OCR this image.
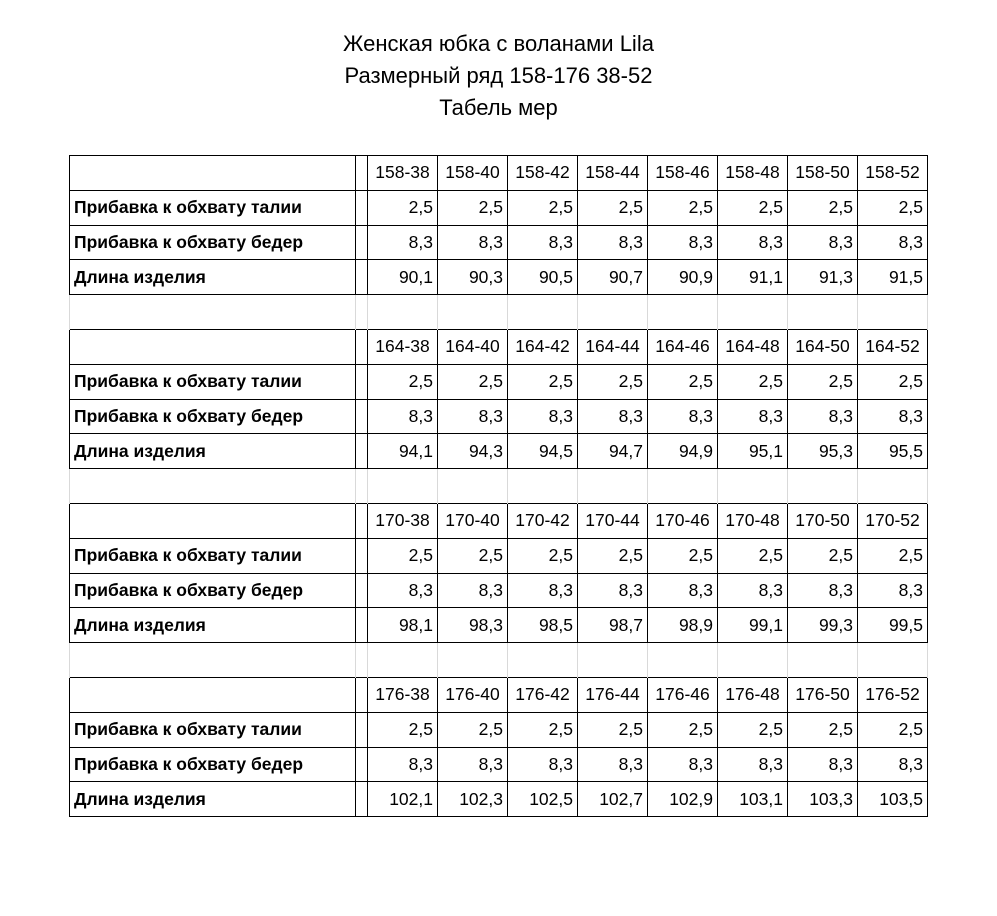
Женская юбка с воланами Lila
Размерный ряд 158-176 38-52
Табель мер
		158-38	158-40	158-42	158-44	158-46	158-48	158-50	158-52
Прибавка к обхвату талии		2,5	2,5	2,5	2,5	2,5	2,5	2,5	2,5
Прибавка к обхвату бедер		8,3	8,3	8,3	8,3	8,3	8,3	8,3	8,3
Длина изделия		90,1	90,3	90,5	90,7	90,9	91,1	91,3	91,5

		164-38	164-40	164-42	164-44	164-46	164-48	164-50	164-52
Прибавка к обхвату талии		2,5	2,5	2,5	2,5	2,5	2,5	2,5	2,5
Прибавка к обхвату бедер		8,3	8,3	8,3	8,3	8,3	8,3	8,3	8,3
Длина изделия		94,1	94,3	94,5	94,7	94,9	95,1	95,3	95,5

		170-38	170-40	170-42	170-44	170-46	170-48	170-50	170-52
Прибавка к обхвату талии		2,5	2,5	2,5	2,5	2,5	2,5	2,5	2,5
Прибавка к обхвату бедер		8,3	8,3	8,3	8,3	8,3	8,3	8,3	8,3
Длина изделия		98,1	98,3	98,5	98,7	98,9	99,1	99,3	99,5

		176-38	176-40	176-42	176-44	176-46	176-48	176-50	176-52
Прибавка к обхвату талии		2,5	2,5	2,5	2,5	2,5	2,5	2,5	2,5
Прибавка к обхвату бедер		8,3	8,3	8,3	8,3	8,3	8,3	8,3	8,3
Длина изделия		102,1	102,3	102,5	102,7	102,9	103,1	103,3	103,5
